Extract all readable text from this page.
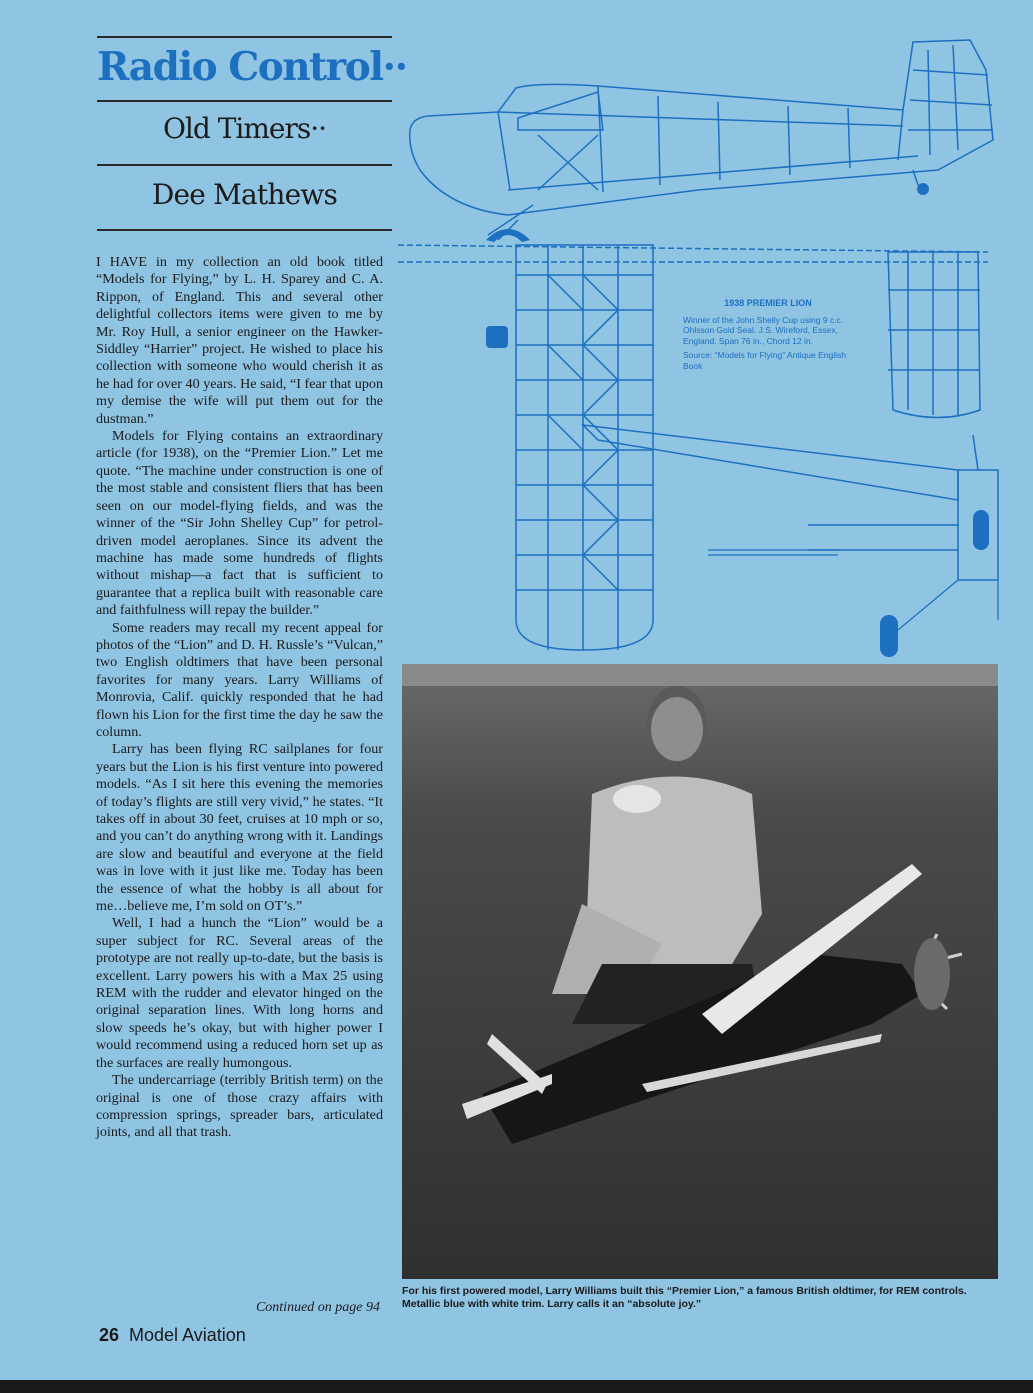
Radio Control··
Old Timers··
Dee Mathews

I HAVE in my collection an old book titled “Models for Flying,” by L. H. Sparey and C. A. Rippon, of England. This and several other delightful collectors items were given to me by Mr. Roy Hull, a senior engineer on the Hawker-Siddley “Harrier” project. He wished to place his collection with someone who would cherish it as he had for over 40 years. He said, “I fear that upon my demise the wife will put them out for the dustman.”

Models for Flying contains an extraordinary article (for 1938), on the “Premier Lion.” Let me quote. “The machine under construction is one of the most stable and consistent fliers that has been seen on our model-flying fields, and was the winner of the “Sir John Shelley Cup” for petrol-driven model aeroplanes. Since its advent the machine has made some hundreds of flights without mishap—a fact that is sufficient to guarantee that a replica built with reasonable care and faithfulness will repay the builder.”

Some readers may recall my recent appeal for photos of the “Lion” and D. H. Russle’s “Vulcan,” two English oldtimers that have been personal favorites for many years. Larry Williams of Monrovia, Calif. quickly responded that he had flown his Lion for the first time the day he saw the column.

Larry has been flying RC sailplanes for four years but the Lion is his first venture into powered models. “As I sit here this evening the memories of today’s flights are still very vivid,” he states. “It takes off in about 30 feet, cruises at 10 mph or so, and you can’t do anything wrong with it. Landings are slow and beautiful and everyone at the field was in love with it just like me. Today has been the essence of what the hobby is all about for me…believe me, I’m sold on OT’s.”

Well, I had a hunch the “Lion” would be a super subject for RC. Several areas of the prototype are not really up-to-date, but the basis is excellent. Larry powers his with a Max 25 using REM with the rudder and elevator hinged on the original separation lines. With long horns and slow speeds he’s okay, but with higher power I would recommend using a reduced horn set up as the surfaces are really humongous.

The undercarriage (terribly British term) on the original is one of those crazy affairs with compression springs, spreader bars, articulated joints, and all that trash.

Continued on page 94
26 Model Aviation
1938 PREMIER LION
Winner of the John Shelly Cup using 9 c.c. Ohlsson Gold Seal. J.S. Wireford, Essex, England. Span 76 in., Chord 12 in.
Source: “Models for Flying” Antique English Book
For his first powered model, Larry Williams built this “Premier Lion,” a famous British oldtimer, for REM controls. Metallic blue with white trim. Larry calls it an “absolute joy.”
